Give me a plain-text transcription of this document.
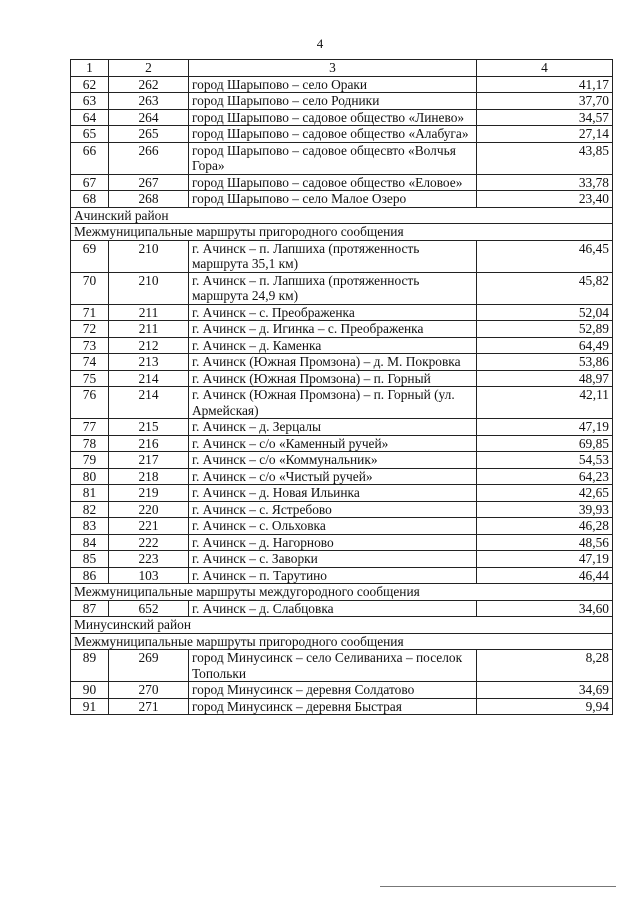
4
1	2	3	4
62	262	город Шарыпово – село Ораки	41,17
63	263	город Шарыпово – село Родники	37,70
64	264	город Шарыпово – садовое общество «Линево»	34,57
65	265	город Шарыпово – садовое общество «Алабуга»	27,14
66	266	город Шарыпово – садовое общесвто «Волчья Гора»	43,85
67	267	город Шарыпово – садовое общество «Еловое»	33,78
68	268	город Шарыпово – село Малое Озеро	23,40
Ачинский район			
Межмуниципальные маршруты пригородного сообщения			
69	210	г. Ачинск – п. Лапшиха (протяженность маршрута 35,1 км)	46,45
70	210	г. Ачинск – п. Лапшиха (протяженность маршрута 24,9 км)	45,82
71	211	г. Ачинск – с. Преображенка	52,04
72	211	г. Ачинск – д. Игинка – с. Преображенка	52,89
73	212	г. Ачинск – д. Каменка	64,49
74	213	г. Ачинск (Южная Промзона) – д. М. Покровка	53,86
75	214	г. Ачинск (Южная Промзона) – п. Горный	48,97
76	214	г. Ачинск (Южная Промзона) – п. Горный (ул. Армейская)	42,11
77	215	г. Ачинск – д. Зерцалы	47,19
78	216	г. Ачинск – с/о «Каменный ручей»	69,85
79	217	г. Ачинск – с/о «Коммунальник»	54,53
80	218	г. Ачинск – с/о «Чистый ручей»	64,23
81	219	г. Ачинск – д. Новая Ильинка	42,65
82	220	г. Ачинск – с. Ястребово	39,93
83	221	г. Ачинск – с. Ольховка	46,28
84	222	г. Ачинск – д. Нагорново	48,56
85	223	г. Ачинск – с. Заворки	47,19
86	103	г. Ачинск – п. Тарутино	46,44
Межмуниципальные маршруты междугородного сообщения			
87	652	г. Ачинск – д. Слабцовка	34,60
Минусинский район			
Межмуниципальные маршруты пригородного сообщения			
89	269	город Минусинск – село Селиваниха – поселок Топольки	8,28
90	270	город Минусинск – деревня Солдатово	34,69
91	271	город Минусинск – деревня Быстрая	9,94
